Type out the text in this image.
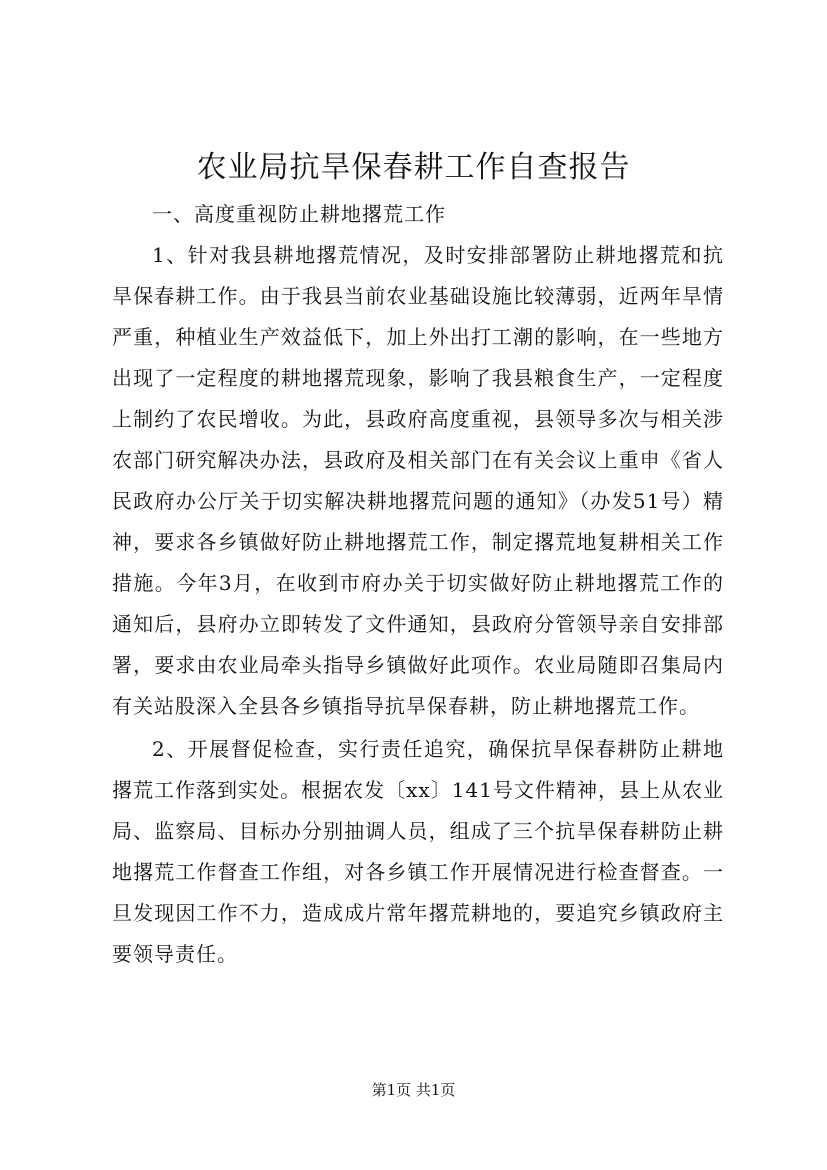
农业局抗旱保春耕工作自查报告

一、高度重视防止耕地撂荒工作

1、针对我县耕地撂荒情况，及时安排部署防止耕地撂荒和抗旱保春耕工作。由于我县当前农业基础设施比较薄弱，近两年旱情严重，种植业生产效益低下，加上外出打工潮的影响，在一些地方出现了一定程度的耕地撂荒现象，影响了我县粮食生产，一定程度上制约了农民增收。为此，县政府高度重视，县领导多次与相关涉农部门研究解决办法，县政府及相关部门在有关会议上重申《省人民政府办公厅关于切实解决耕地撂荒问题的通知》（办发51号）精神，要求各乡镇做好防止耕地撂荒工作，制定撂荒地复耕相关工作措施。今年3月，在收到市府办关于切实做好防止耕地撂荒工作的通知后，县府办立即转发了文件通知，县政府分管领导亲自安排部署，要求由农业局牵头指导乡镇做好此项作。农业局随即召集局内有关站股深入全县各乡镇指导抗旱保春耕，防止耕地撂荒工作。

2、开展督促检查，实行责任追究，确保抗旱保春耕防止耕地撂荒工作落到实处。根据农发〔xx〕141号文件精神，县上从农业局、监察局、目标办分别抽调人员，组成了三个抗旱保春耕防止耕地撂荒工作督查工作组，对各乡镇工作开展情况进行检查督查。一旦发现因工作不力，造成成片常年撂荒耕地的，要追究乡镇政府主要领导责任。

第1页 共1页
